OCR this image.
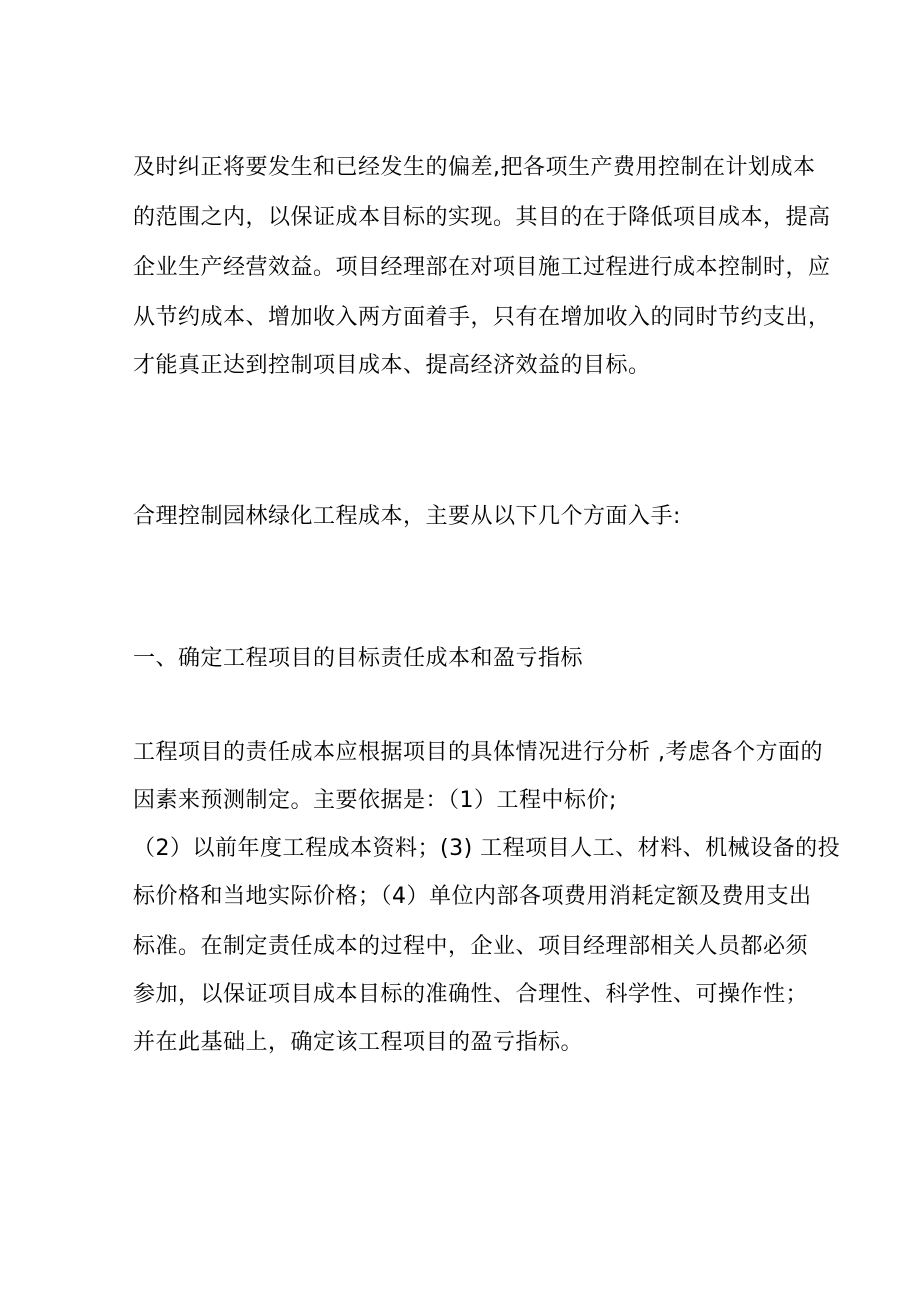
及时纠正将要发生和已经发生的偏差,把各项生产费用控制在计划成本
的范围之内，以保证成本目标的实现。其目的在于降低项目成本，提高
企业生产经营效益。项目经理部在对项目施工过程进行成本控制时，应
从节约成本、增加收入两方面着手，只有在增加收入的同时节约支出，
才能真正达到控制项目成本、提高经济效益的目标。
合理控制园林绿化工程成本，主要从以下几个方面入手:
一、确定工程项目的目标责任成本和盈亏指标
工程项目的责任成本应根据项目的具体情况进行分析 ,考虑各个方面的
因素来预测制定。主要依据是：（1）工程中标价;
（2）以前年度工程成本资料；(3) 工程项目人工、材料、机械设备的投
标价格和当地实际价格；（4）单位内部各项费用消耗定额及费用支出
标准。在制定责任成本的过程中，企业、项目经理部相关人员都必须
参加，以保证项目成本目标的准确性、合理性、科学性、可操作性；
并在此基础上，确定该工程项目的盈亏指标。
